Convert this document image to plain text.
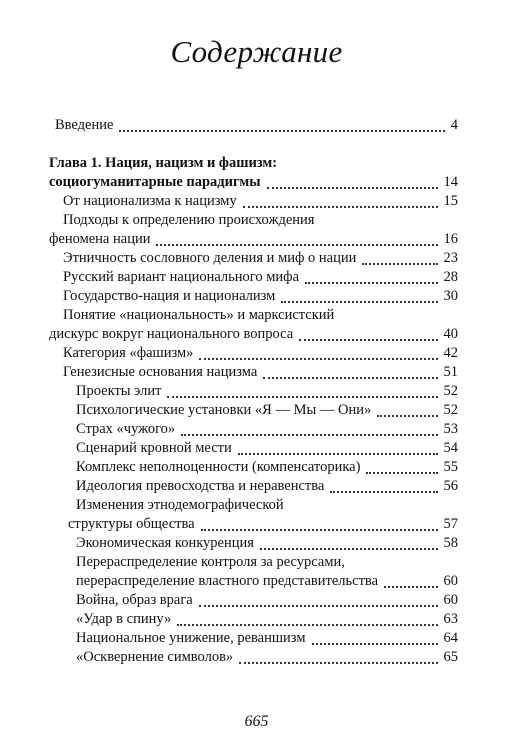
Содержание
Введение	4
Глава 1. Нация, нацизм и фашизм:
социогуманитарные парадигмы	14
От национализма к нацизму	15
Подходы к определению происхождения
феномена нации	16
Этничность сословного деления и миф о нации	23
Русский вариант национального мифа	28
Государство-нация и национализм	30
Понятие «национальность» и марксистский
дискурс вокруг национального вопроса	40
Категория «фашизм»	42
Генезисные основания нацизма	51
Проекты элит	52
Психологические установки «Я — Мы — Они»	52
Страх «чужого»	53
Сценарий кровной мести	54
Комплекс неполноценности (компенсаторика)	55
Идеология превосходства и неравенства	56
Изменения этнодемографической
структуры общества	57
Экономическая конкуренция	58
Перераспределение контроля за ресурсами,
перераспределение властного представительства	60
Война, образ врага	60
«Удар в спину»	63
Национальное унижение, реваншизм	64
«Осквернение символов»	65
665
